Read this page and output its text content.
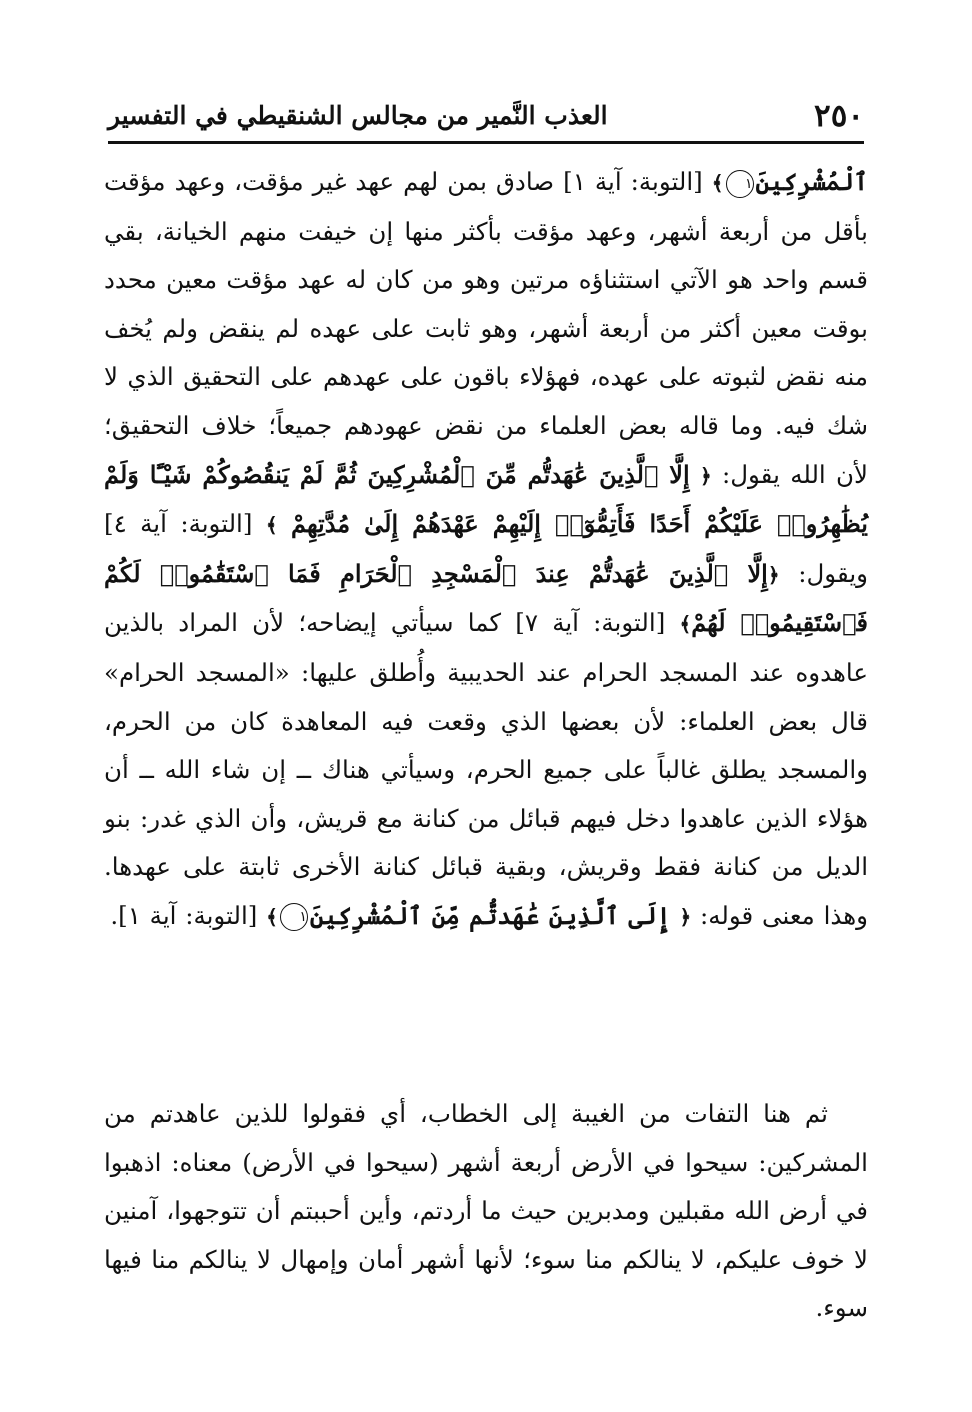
٢٥٠
العذب النَّمير من مجالس الشنقيطي في التفسير
ٱلْمُشْرِكِينَ١﴾ [التوبة: آية ١] صادق بمن لهم عهد غير مؤقت، وعهد مؤقت بأقل من أربعة أشهر، وعهد مؤقت بأكثر منها إن خيفت منهم الخيانة، بقي قسم واحد هو الآتي استثناؤه مرتين وهو من كان له عهد مؤقت معين محدد بوقت معين أكثر من أربعة أشهر، وهو ثابت على عهده لم ينقض ولم يُخف منه نقض لثبوته على عهده، فهؤلاء باقون على عهدهم على التحقيق الذي لا شك فيه. وما قاله بعض العلماء من نقض عهودهم جميعاً؛ خلاف التحقيق؛ لأن الله يقول: ﴿ إِلَّا ٱلَّذِينَ عَٰهَدتُّم مِّنَ ٱلْمُشْرِكِينَ ثُمَّ لَمْ يَنقُصُوكُمْ شَيْـًٔا وَلَمْ يُظَٰهِرُوا۟ عَلَيْكُمْ أَحَدًا فَأَتِمُّوٓا۟ إِلَيْهِمْ عَهْدَهُمْ إِلَىٰ مُدَّتِهِمْ ﴾ [التوبة: آية ٤] ويقول: ﴿إِلَّا ٱلَّذِينَ عَٰهَدتُّمْ عِندَ ٱلْمَسْجِدِ ٱلْحَرَامِ فَمَا ٱسْتَقَٰمُوا۟ لَكُمْ فَٱسْتَقِيمُوا۟ لَهُمْ﴾ [التوبة: آية ٧] كما سيأتي إيضاحه؛ لأن المراد بالذين عاهدوه عند المسجد الحرام عند الحديبية وأُطلق عليها: «المسجد الحرام» قال بعض العلماء: لأن بعضها الذي وقعت فيه المعاهدة كان من الحرم، والمسجد يطلق غالباً على جميع الحرم، وسيأتي هناك ــ إن شاء الله ــ أن هؤلاء الذين عاهدوا دخل فيهم قبائل من كنانة مع قريش، وأن الذي غدر: بنو الديل من كنانة فقط وقريش، وبقية قبائل كنانة الأخرى ثابتة على عهدها. وهذا معنى قوله: ﴿ إِلَى ٱلَّذِينَ عَٰهَدتُّم مِّنَ ٱلْمُشْرِكِينَ١﴾ [التوبة: آية ١].
ثم هنا التفات من الغيبة إلى الخطاب، أي فقولوا للذين عاهدتم من المشركين: سيحوا في الأرض أربعة أشهر (سيحوا في الأرض) معناه: اذهبوا في أرض الله مقبلين ومدبرين حيث ما أردتم، وأين أحببتم أن تتوجهوا، آمنين لا خوف عليكم، لا ينالكم منا سوء؛ لأنها أشهر أمان وإمهال لا ينالكم منا فيها سوء.
